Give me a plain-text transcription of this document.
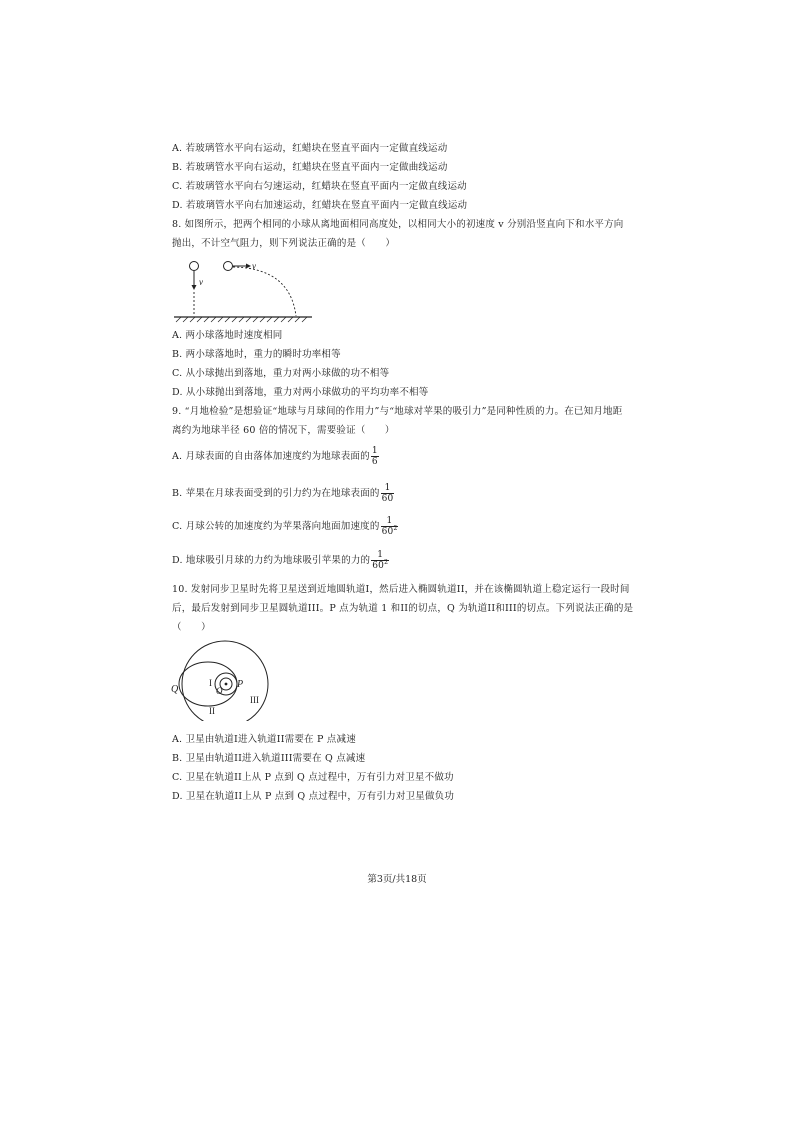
A. 若玻璃管水平向右运动，红蜡块在竖直平面内一定做直线运动
B. 若玻璃管水平向右运动，红蜡块在竖直平面内一定做曲线运动
C. 若玻璃管水平向右匀速运动，红蜡块在竖直平面内一定做直线运动
D. 若玻璃管水平向右加速运动，红蜡块在竖直平面内一定做直线运动
8. 如图所示，把两个相同的小球从离地面相同高度处，以相同大小的初速度 v 分别沿竖直向下和水平方向
抛出，不计空气阻力，则下列说法正确的是（　　）
v
v
A. 两小球落地时速度相同
B. 两小球落地时，重力的瞬时功率相等
C. 从小球抛出到落地，重力对两小球做的功不相等
D. 从小球抛出到落地，重力对两小球做功的平均功率不相等
9. “月地检验”是想验证“地球与月球间的作用力”与“地球对苹果的吸引力”是同种性质的力。在已知月地距
离约为地球半径 60 倍的情况下，需要验证（　　）
A. 月球表面的自由落体加速度约为地球表面的 $\frac{1}{6}$
B. 苹果在月球表面受到的引力约为在地球表面的 $\frac{1}{60}$
C. 月球公转的加速度约为苹果落向地面加速度的 $\frac{1}{60^2}$
D. 地球吸引月球的力约为地球吸引苹果的力的 $\frac{1}{60^2}$
10. 发射同步卫星时先将卫星送到近地圆轨道I，然后进入椭圆轨道II，并在该椭圆轨道上稳定运行一段时间
后，最后发射到同步卫星圆轨道III。P 点为轨道 1 和II的切点，Q 为轨道II和III的切点。下列说法正确的是
（　　）
Q
I	P
O
II
III
A. 卫星由轨道I进入轨道II需要在 P 点减速
B. 卫星由轨道II进入轨道III需要在 Q 点减速
C. 卫星在轨道II上从 P 点到 Q 点过程中，万有引力对卫星不做功
D. 卫星在轨道II上从 P 点到 Q 点过程中，万有引力对卫星做负功
第3页/共18页
